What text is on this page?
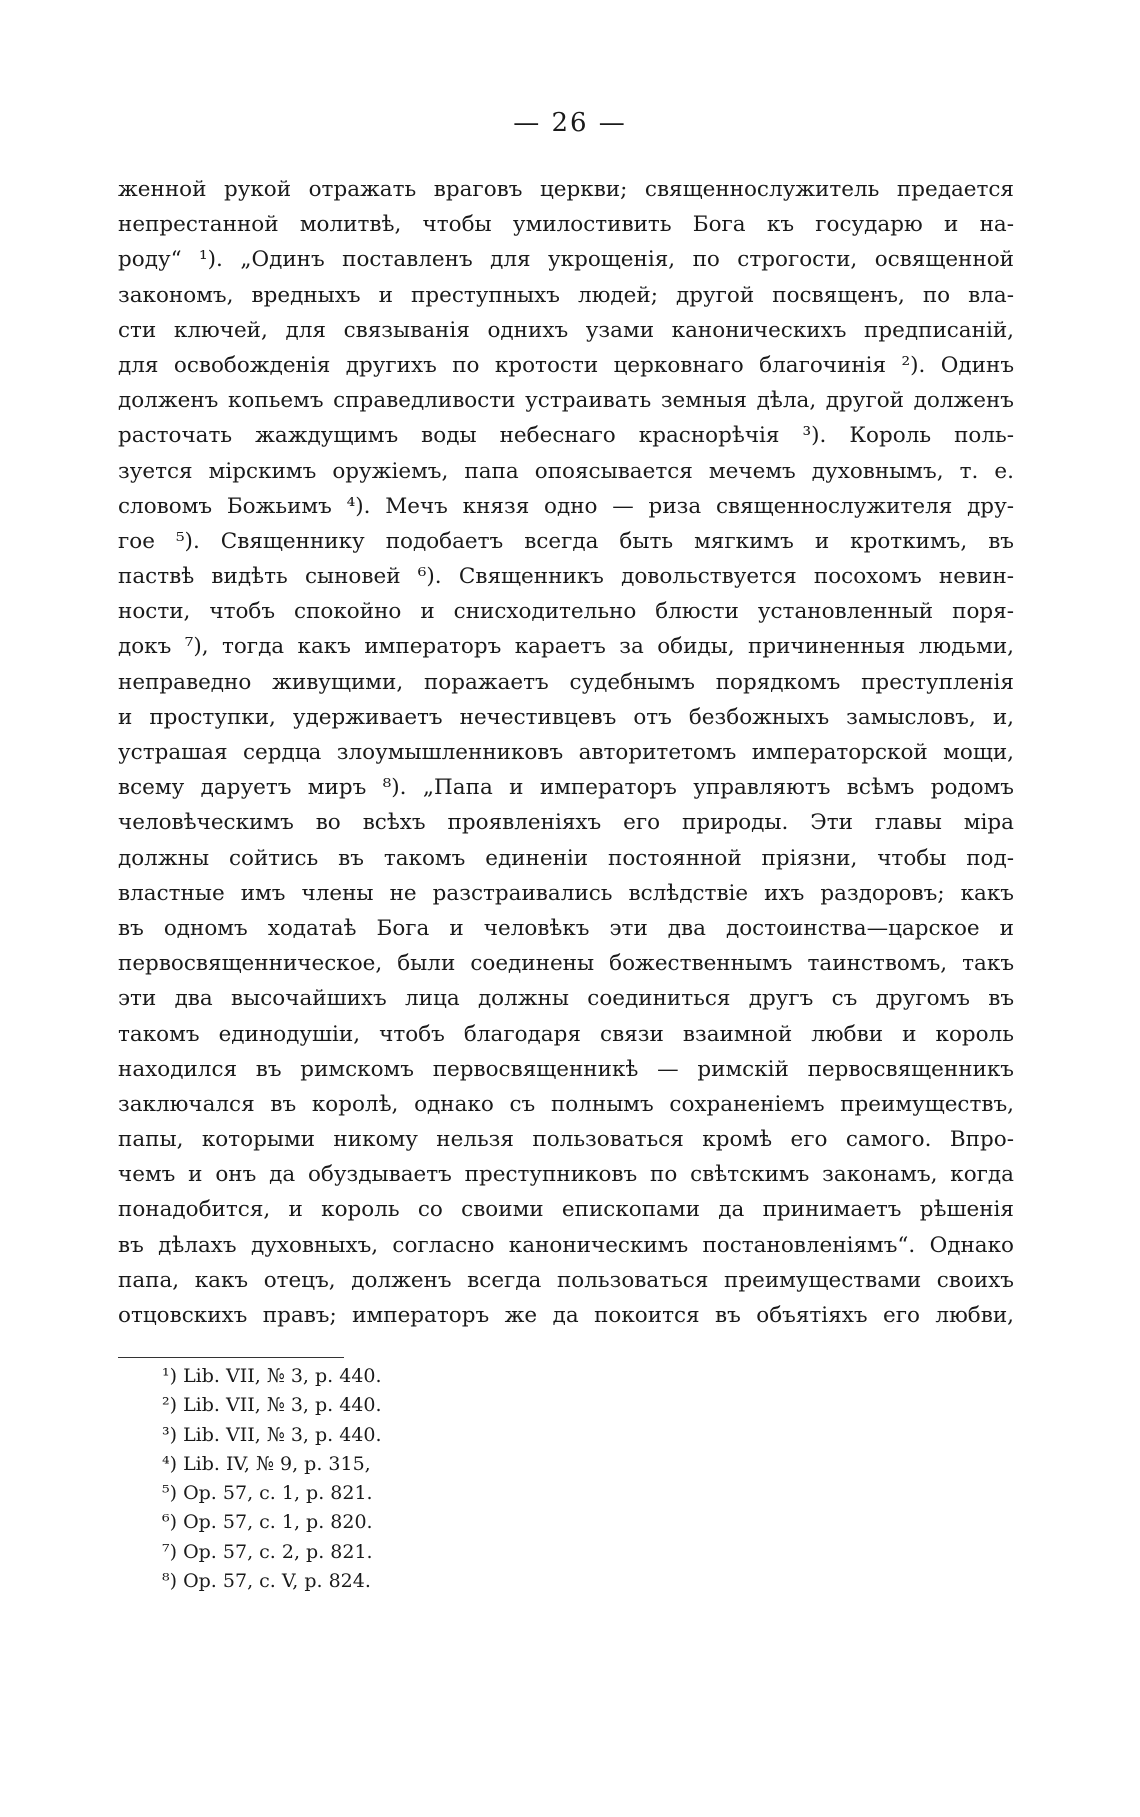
— 26 —
женной рукой отражать враговъ церкви; священнослужитель предается
непрестанной молитвѣ, чтобы умилостивить Бога къ государю и на-
роду“ ¹). „Одинъ поставленъ для укрощенія, по строгости, освященной
закономъ, вредныхъ и преступныхъ людей; другой посвященъ, по вла-
сти ключей, для связыванія однихъ узами каноническихъ предписаній,
для освобожденія другихъ по кротости церковнаго благочинія ²). Одинъ
долженъ копьемъ справедливости устраивать земныя дѣла, другой долженъ
расточать жаждущимъ воды небеснаго краснорѣчія ³). Король поль-
зуется мірскимъ оружіемъ, папа опоясывается мечемъ духовнымъ, т. е.
словомъ Божьимъ ⁴). Мечъ князя одно — риза священнослужителя дру-
гое ⁵). Священнику подобаетъ всегда быть мягкимъ и кроткимъ, въ
паствѣ видѣть сыновей ⁶). Священникъ довольствуется посохомъ невин-
ности, чтобъ спокойно и снисходительно блюсти установленный поря-
докъ ⁷), тогда какъ императоръ караетъ за обиды, причиненныя людьми,
неправедно живущими, поражаетъ судебнымъ порядкомъ преступленія
и проступки, удерживаетъ нечестивцевъ отъ безбожныхъ замысловъ, и,
устрашая сердца злоумышленниковъ авторитетомъ императорской мощи,
всему даруетъ миръ ⁸). „Папа и императоръ управляютъ всѣмъ родомъ
человѣческимъ во всѣхъ проявленіяхъ его природы. Эти главы міра
должны сойтись въ такомъ единеніи постоянной пріязни, чтобы под-
властные имъ члены не разстраивались вслѣдствіе ихъ раздоровъ; какъ
въ одномъ ходатаѣ Бога и человѣкъ эти два достоинства—царское и
первосвященническое, были соединены божественнымъ таинствомъ, такъ
эти два высочайшихъ лица должны соединиться другъ съ другомъ въ
такомъ единодушіи, чтобъ благодаря связи взаимной любви и король
находился въ римскомъ первосвященникѣ — римскій первосвященникъ
заключался въ королѣ, однако съ полнымъ сохраненіемъ преимуществъ,
папы, которыми никому нельзя пользоваться кромѣ его самого. Впро-
чемъ и онъ да обуздываетъ преступниковъ по свѣтскимъ законамъ, когда
понадобится, и король со своими епископами да принимаетъ рѣшенія
въ дѣлахъ духовныхъ, согласно каноническимъ постановленіямъ“. Однако
папа, какъ отецъ, долженъ всегда пользоваться преимуществами своихъ
отцовскихъ правъ; императоръ же да покоится въ объятіяхъ его любви,
¹) Lib. VII, № 3, p. 440.
²) Lib. VII, № 3, p. 440.
³) Lib. VII, № 3, p. 440.
⁴) Lib. IV, № 9, p. 315,
⁵) Op. 57, c. 1, p. 821.
⁶) Op. 57, c. 1, p. 820.
⁷) Op. 57, c. 2, p. 821.
⁸) Op. 57, c. V, p. 824.
